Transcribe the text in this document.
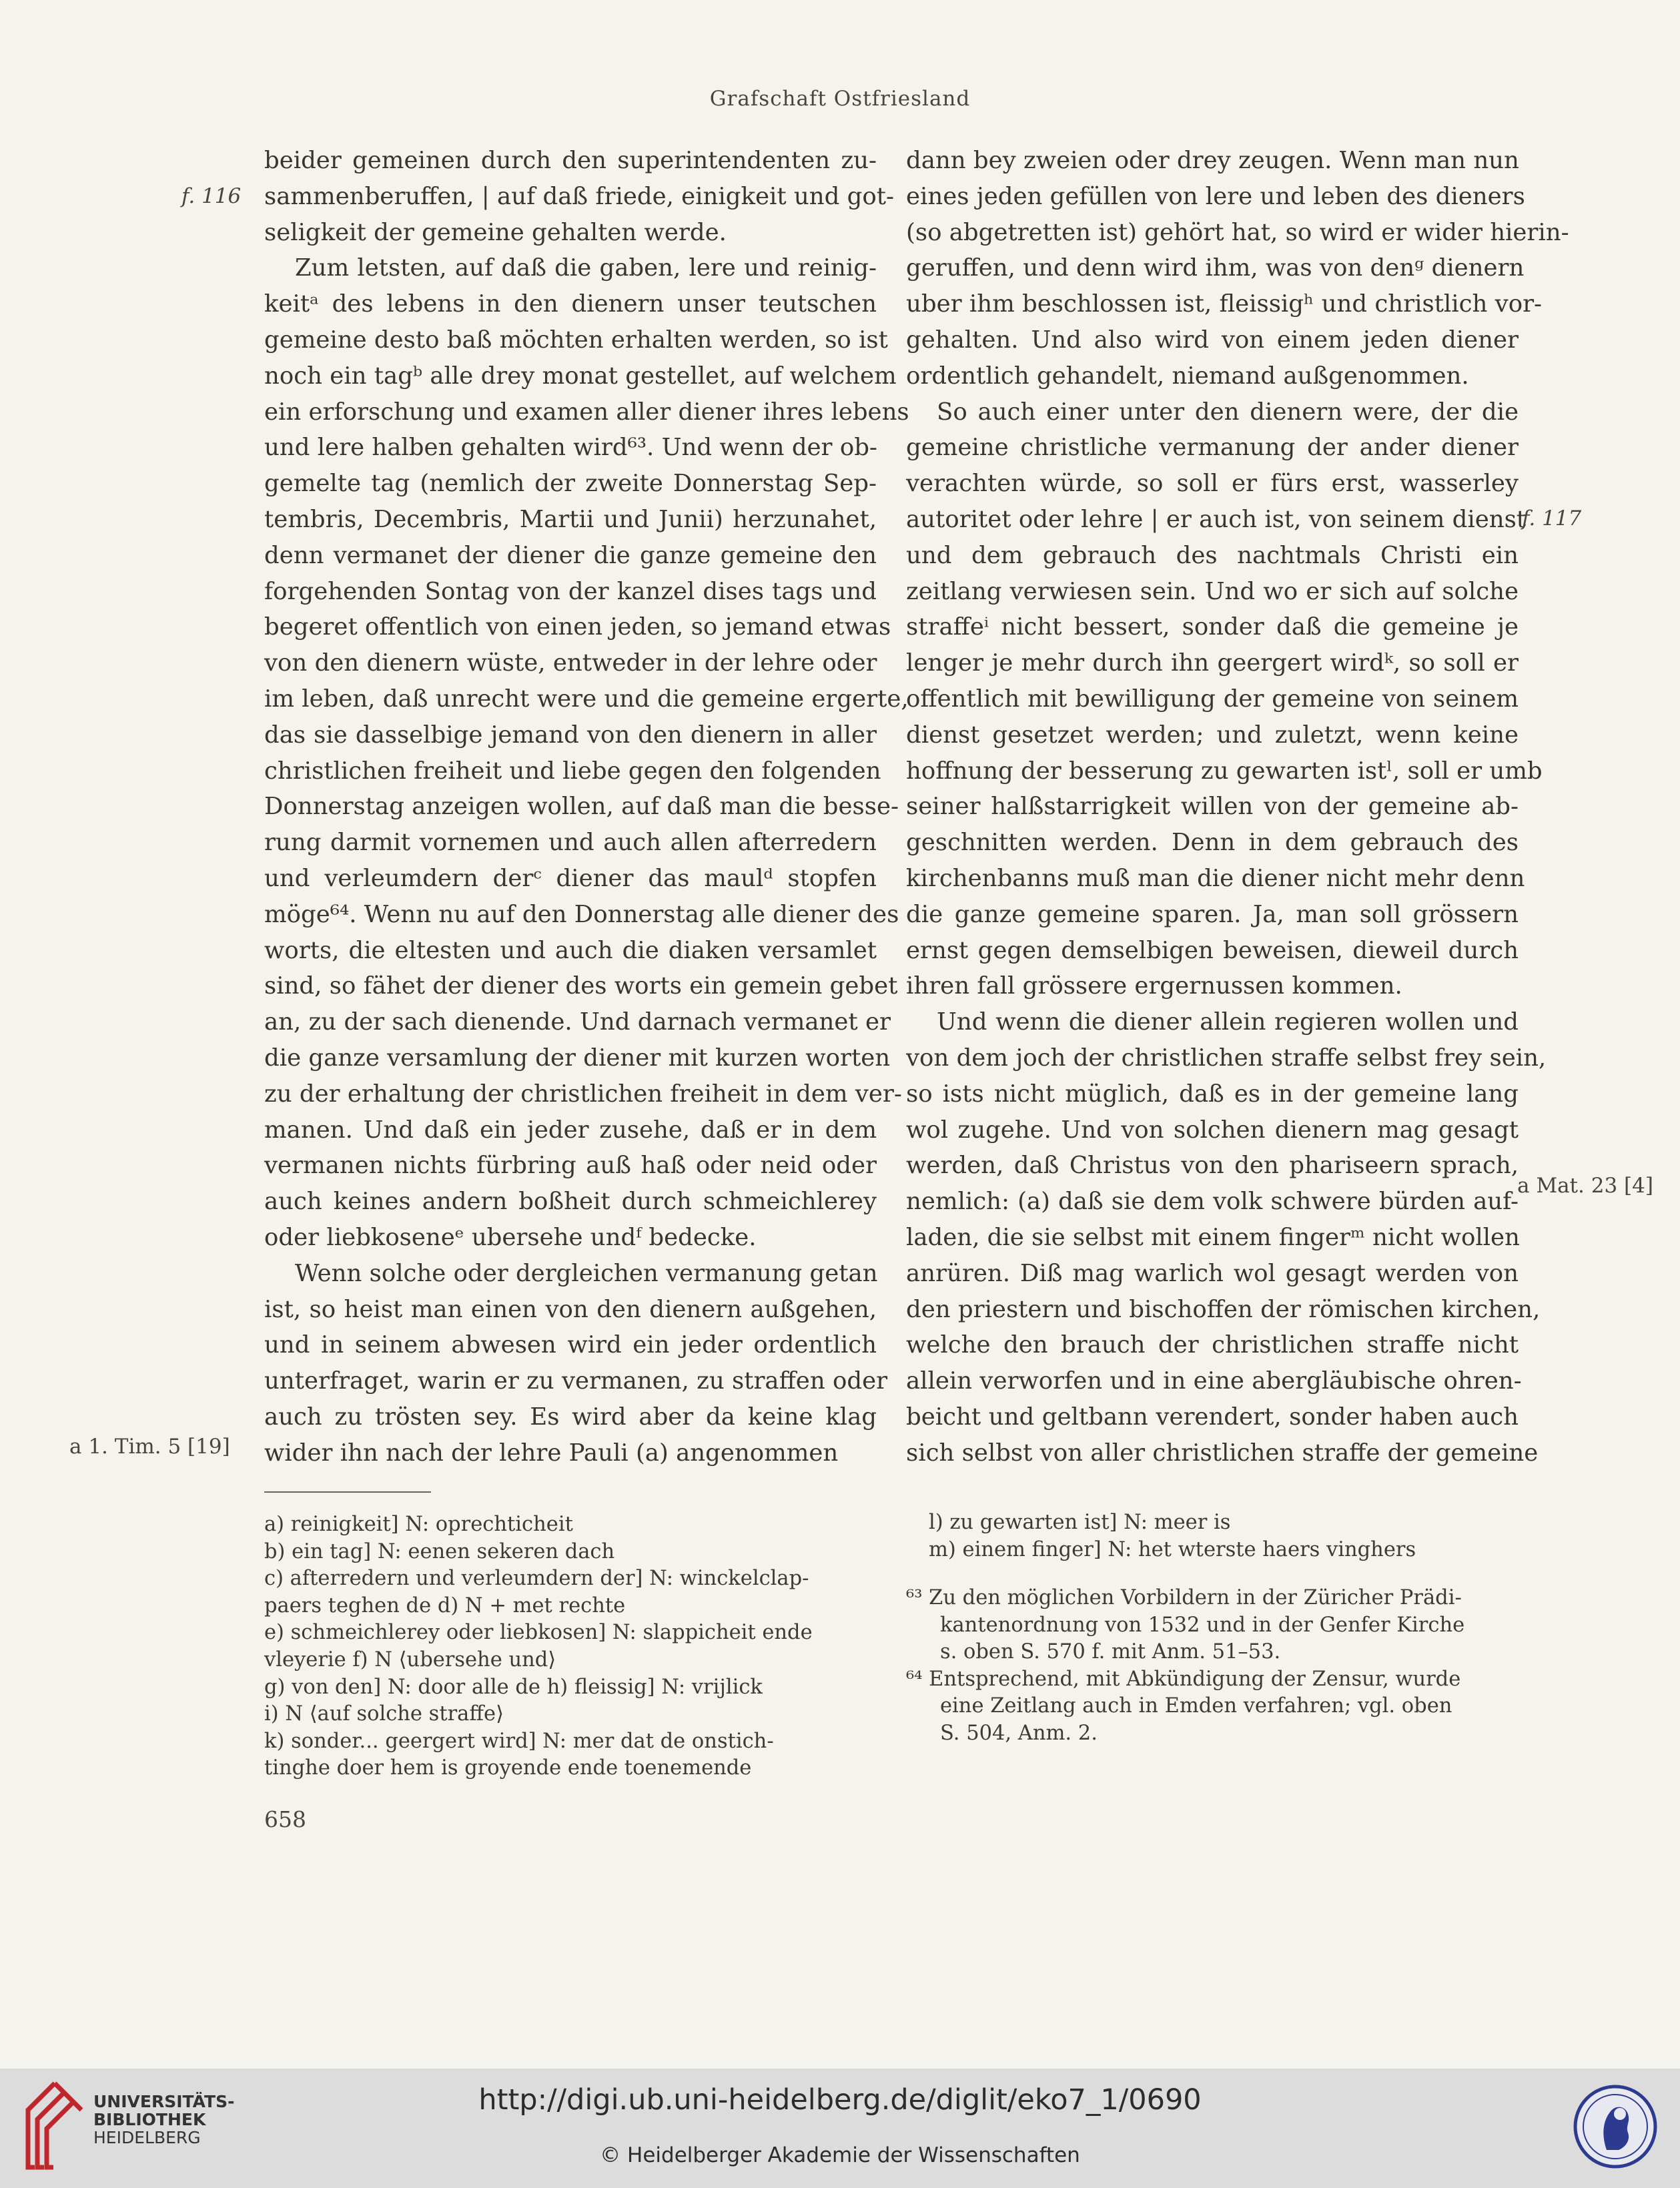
Grafschaft Ostfriesland
beider gemeinen durch den superintendenten zu-
sammenberuffen, | auf daß friede, einigkeit und got-
seligkeit der gemeine gehalten werde.
Zum letsten, auf daß die gaben, lere und reinig-
keitᵃ des lebens in den dienern unser teutschen
gemeine desto baß möchten erhalten werden, so ist
noch ein tagᵇ alle drey monat gestellet, auf welchem
ein erforschung und examen aller diener ihres lebens
und lere halben gehalten wird⁶³. Und wenn der ob-
gemelte tag (nemlich der zweite Donnerstag Sep-
tembris, Decembris, Martii und Junii) herzunahet,
denn vermanet der diener die ganze gemeine den
forgehenden Sontag von der kanzel dises tags und
begeret offentlich von einen jeden, so jemand etwas
von den dienern wüste, entweder in der lehre oder
im leben, daß unrecht were und die gemeine ergerte,
das sie dasselbige jemand von den dienern in aller
christlichen freiheit und liebe gegen den folgenden
Donnerstag anzeigen wollen, auf daß man die besse-
rung darmit vornemen und auch allen afterredern
und verleumdern derᶜ diener das maulᵈ stopfen
möge⁶⁴. Wenn nu auf den Donnerstag alle diener des
worts, die eltesten und auch die diaken versamlet
sind, so fähet der diener des worts ein gemein gebet
an, zu der sach dienende. Und darnach vermanet er
die ganze versamlung der diener mit kurzen worten
zu der erhaltung der christlichen freiheit in dem ver-
manen. Und daß ein jeder zusehe, daß er in dem
vermanen nichts fürbring auß haß oder neid oder
auch keines andern boßheit durch schmeichlerey
oder liebkoseneᵉ ubersehe undᶠ bedecke.
Wenn solche oder dergleichen vermanung getan
ist, so heist man einen von den dienern außgehen,
und in seinem abwesen wird ein jeder ordentlich
unterfraget, warin er zu vermanen, zu straffen oder
auch zu trösten sey. Es wird aber da keine klag
wider ihn nach der lehre Pauli (a) angenommen
dann bey zweien oder drey zeugen. Wenn man nun
eines jeden gefüllen von lere und leben des dieners
(so abgetretten ist) gehört hat, so wird er wider hierin-
geruffen, und denn wird ihm, was von denᵍ dienern
uber ihm beschlossen ist, fleissigʰ und christlich vor-
gehalten. Und also wird von einem jeden diener
ordentlich gehandelt, niemand außgenommen.
So auch einer unter den dienern were, der die
gemeine christliche vermanung der ander diener
verachten würde, so soll er fürs erst, wasserley
autoritet oder lehre | er auch ist, von seinem dienst
und dem gebrauch des nachtmals Christi ein
zeitlang verwiesen sein. Und wo er sich auf solche
straffeⁱ nicht bessert, sonder daß die gemeine je
lenger je mehr durch ihn geergert wirdᵏ, so soll er
offentlich mit bewilligung der gemeine von seinem
dienst gesetzet werden; und zuletzt, wenn keine
hoffnung der besserung zu gewarten istˡ, soll er umb
seiner halßstarrigkeit willen von der gemeine ab-
geschnitten werden. Denn in dem gebrauch des
kirchenbanns muß man die diener nicht mehr denn
die ganze gemeine sparen. Ja, man soll grössern
ernst gegen demselbigen beweisen, dieweil durch
ihren fall grössere ergernussen kommen.
Und wenn die diener allein regieren wollen und
von dem joch der christlichen straffe selbst frey sein,
so ists nicht müglich, daß es in der gemeine lang
wol zugehe. Und von solchen dienern mag gesagt
werden, daß Christus von den phariseern sprach,
nemlich: (a) daß sie dem volk schwere bürden auf-
laden, die sie selbst mit einem fingerᵐ nicht wollen
anrüren. Diß mag warlich wol gesagt werden von
den priestern und bischoffen der römischen kirchen,
welche den brauch der christlichen straffe nicht
allein verworfen und in eine abergläubische ohren-
beicht und geltbann verendert, sonder haben auch
sich selbst von aller christlichen straffe der gemeine
f. 116
a 1. Tim. 5 [19]
f. 117
a Mat. 23 [4]
a) reinigkeit] N: oprechticheit
b) ein tag] N: eenen sekeren dach
c) afterredern und verleumdern der] N: winckelclap-
paers teghen de d) N + met rechte
e) schmeichlerey oder liebkosen] N: slappicheit ende
vleyerie f) N ⟨ubersehe und⟩
g) von den] N: door alle de h) fleissig] N: vrijlick
i) N ⟨auf solche straffe⟩
k) sonder... geergert wird] N: mer dat de onstich-
tinghe doer hem is groyende ende toenemende
l) zu gewarten ist] N: meer is
m) einem finger] N: het wterste haers vinghers
⁶³ Zu den möglichen Vorbildern in der Züricher Prädi-
kantenordnung von 1532 und in der Genfer Kirche
s. oben S. 570 f. mit Anm. 51–53.
⁶⁴ Entsprechend, mit Abkündigung der Zensur, wurde
eine Zeitlang auch in Emden verfahren; vgl. oben
S. 504, Anm. 2.
658
UNIVERSITÄTS-
BIBLIOTHEK
HEIDELBERG
http://digi.ub.uni-heidelberg.de/diglit/eko7_1/0690
© Heidelberger Akademie der Wissenschaften
